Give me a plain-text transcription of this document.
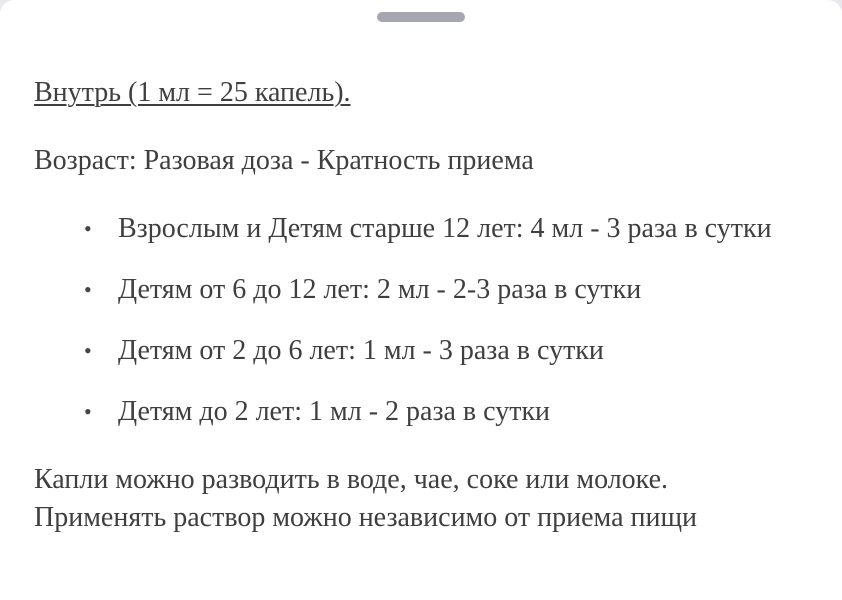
Внутрь (1 мл = 25 капель).

Возраст: Разовая доза - Кратность приема

• Взрослым и Детям старше 12 лет: 4 мл - 3 раза в сутки
• Детям от 6 до 12 лет: 2 мл - 2-3 раза в сутки
• Детям от 2 до 6 лет: 1 мл - 3 раза в сутки
• Детям до 2 лет: 1 мл - 2 раза в сутки

Капли можно разводить в воде, чае, соке или молоке.
Применять раствор можно независимо от приема пищи
